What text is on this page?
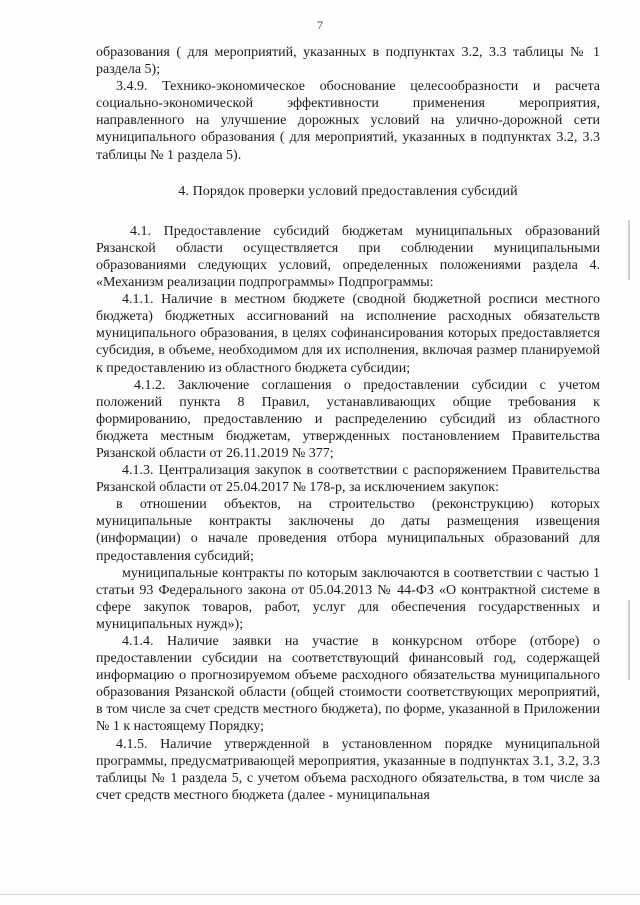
7

образования ( для мероприятий, указанных в подпунктах 3.2, 3.3 таблицы № 1 раздела 5);

3.4.9. Технико-экономическое обоснование целесообразности и расчета социально-экономической эффективности применения мероприятия, направленного на улучшение дорожных условий на улично-дорожной сети муниципального образования ( для мероприятий, указанных в подпунктах 3.2, 3.3 таблицы № 1 раздела 5).

4. Порядок проверки условий предоставления субсидий

4.1. Предоставление субсидий бюджетам муниципальных образований Рязанской области осуществляется при соблюдении муниципальными образованиями следующих условий, определенных положениями раздела 4. «Механизм реализации подпрограммы» Подпрограммы:

4.1.1. Наличие в местном бюджете (сводной бюджетной росписи местного бюджета) бюджетных ассигнований на исполнение расходных обязательств муниципального образования, в целях софинансирования которых предоставляется субсидия, в объеме, необходимом для их исполнения, включая размер планируемой к предоставлению из областного бюджета субсидии;

4.1.2. Заключение соглашения о предоставлении субсидии с учетом положений пункта 8 Правил, устанавливающих общие требования к формированию, предоставлению и распределению субсидий из областного бюджета местным бюджетам, утвержденных постановлением Правительства Рязанской области от 26.11.2019 № 377;

4.1.3. Централизация закупок в соответствии с распоряжением Правительства Рязанской области от 25.04.2017 № 178-р, за исключением закупок:

в отношении объектов, на строительство (реконструкцию) которых муниципальные контракты заключены до даты размещения извещения (информации) о начале проведения отбора муниципальных образований для предоставления субсидий;

муниципальные контракты по которым заключаются в соответствии с частью 1 статьи 93 Федерального закона от 05.04.2013 № 44-ФЗ «О контрактной системе в сфере закупок товаров, работ, услуг для обеспечения государственных и муниципальных нужд»);

4.1.4. Наличие заявки на участие в конкурсном отборе (отборе) о предоставлении субсидии на соответствующий финансовый год, содержащей информацию о прогнозируемом объеме расходного обязательства муниципального образования Рязанской области (общей стоимости соответствующих мероприятий, в том числе за счет средств местного бюджета), по форме, указанной в Приложении № 1 к настоящему Порядку;

4.1.5. Наличие утвержденной в установленном порядке муниципальной программы, предусматривающей мероприятия, указанные в подпунктах 3.1, 3.2, 3.3 таблицы № 1 раздела 5, с учетом объема расходного обязательства, в том числе за счет средств местного бюджета (далее - муниципальная
